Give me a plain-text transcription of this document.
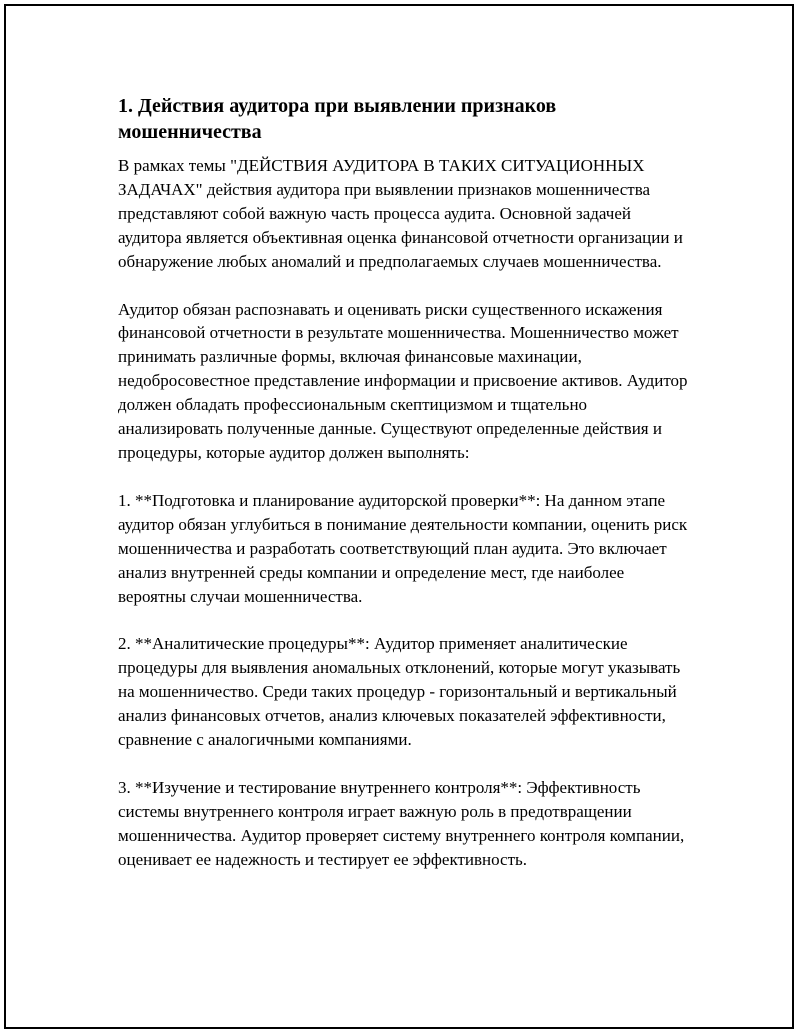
1. Действия аудитора при выявлении признаков мошенничества

В рамках темы "ДЕЙСТВИЯ АУДИТОРА В ТАКИХ СИТУАЦИОННЫХ ЗАДАЧАХ" действия аудитора при выявлении признаков мошенничества представляют собой важную часть процесса аудита. Основной задачей аудитора является объективная оценка финансовой отчетности организации и обнаружение любых аномалий и предполагаемых случаев мошенничества.

Аудитор обязан распознавать и оценивать риски существенного искажения финансовой отчетности в результате мошенничества. Мошенничество может принимать различные формы, включая финансовые махинации, недобросовестное представление информации и присвоение активов. Аудитор должен обладать профессиональным скептицизмом и тщательно анализировать полученные данные. Существуют определенные действия и процедуры, которые аудитор должен выполнять:

1. **Подготовка и планирование аудиторской проверки**: На данном этапе аудитор обязан углубиться в понимание деятельности компании, оценить риск мошенничества и разработать соответствующий план аудита. Это включает анализ внутренней среды компании и определение мест, где наиболее вероятны случаи мошенничества.

2. **Аналитические процедуры**: Аудитор применяет аналитические процедуры для выявления аномальных отклонений, которые могут указывать на мошенничество. Среди таких процедур - горизонтальный и вертикальный анализ финансовых отчетов, анализ ключевых показателей эффективности, сравнение с аналогичными компаниями.

3. **Изучение и тестирование внутреннего контроля**: Эффективность системы внутреннего контроля играет важную роль в предотвращении мошенничества. Аудитор проверяет систему внутреннего контроля компании, оценивает ее надежность и тестирует ее эффективность.
